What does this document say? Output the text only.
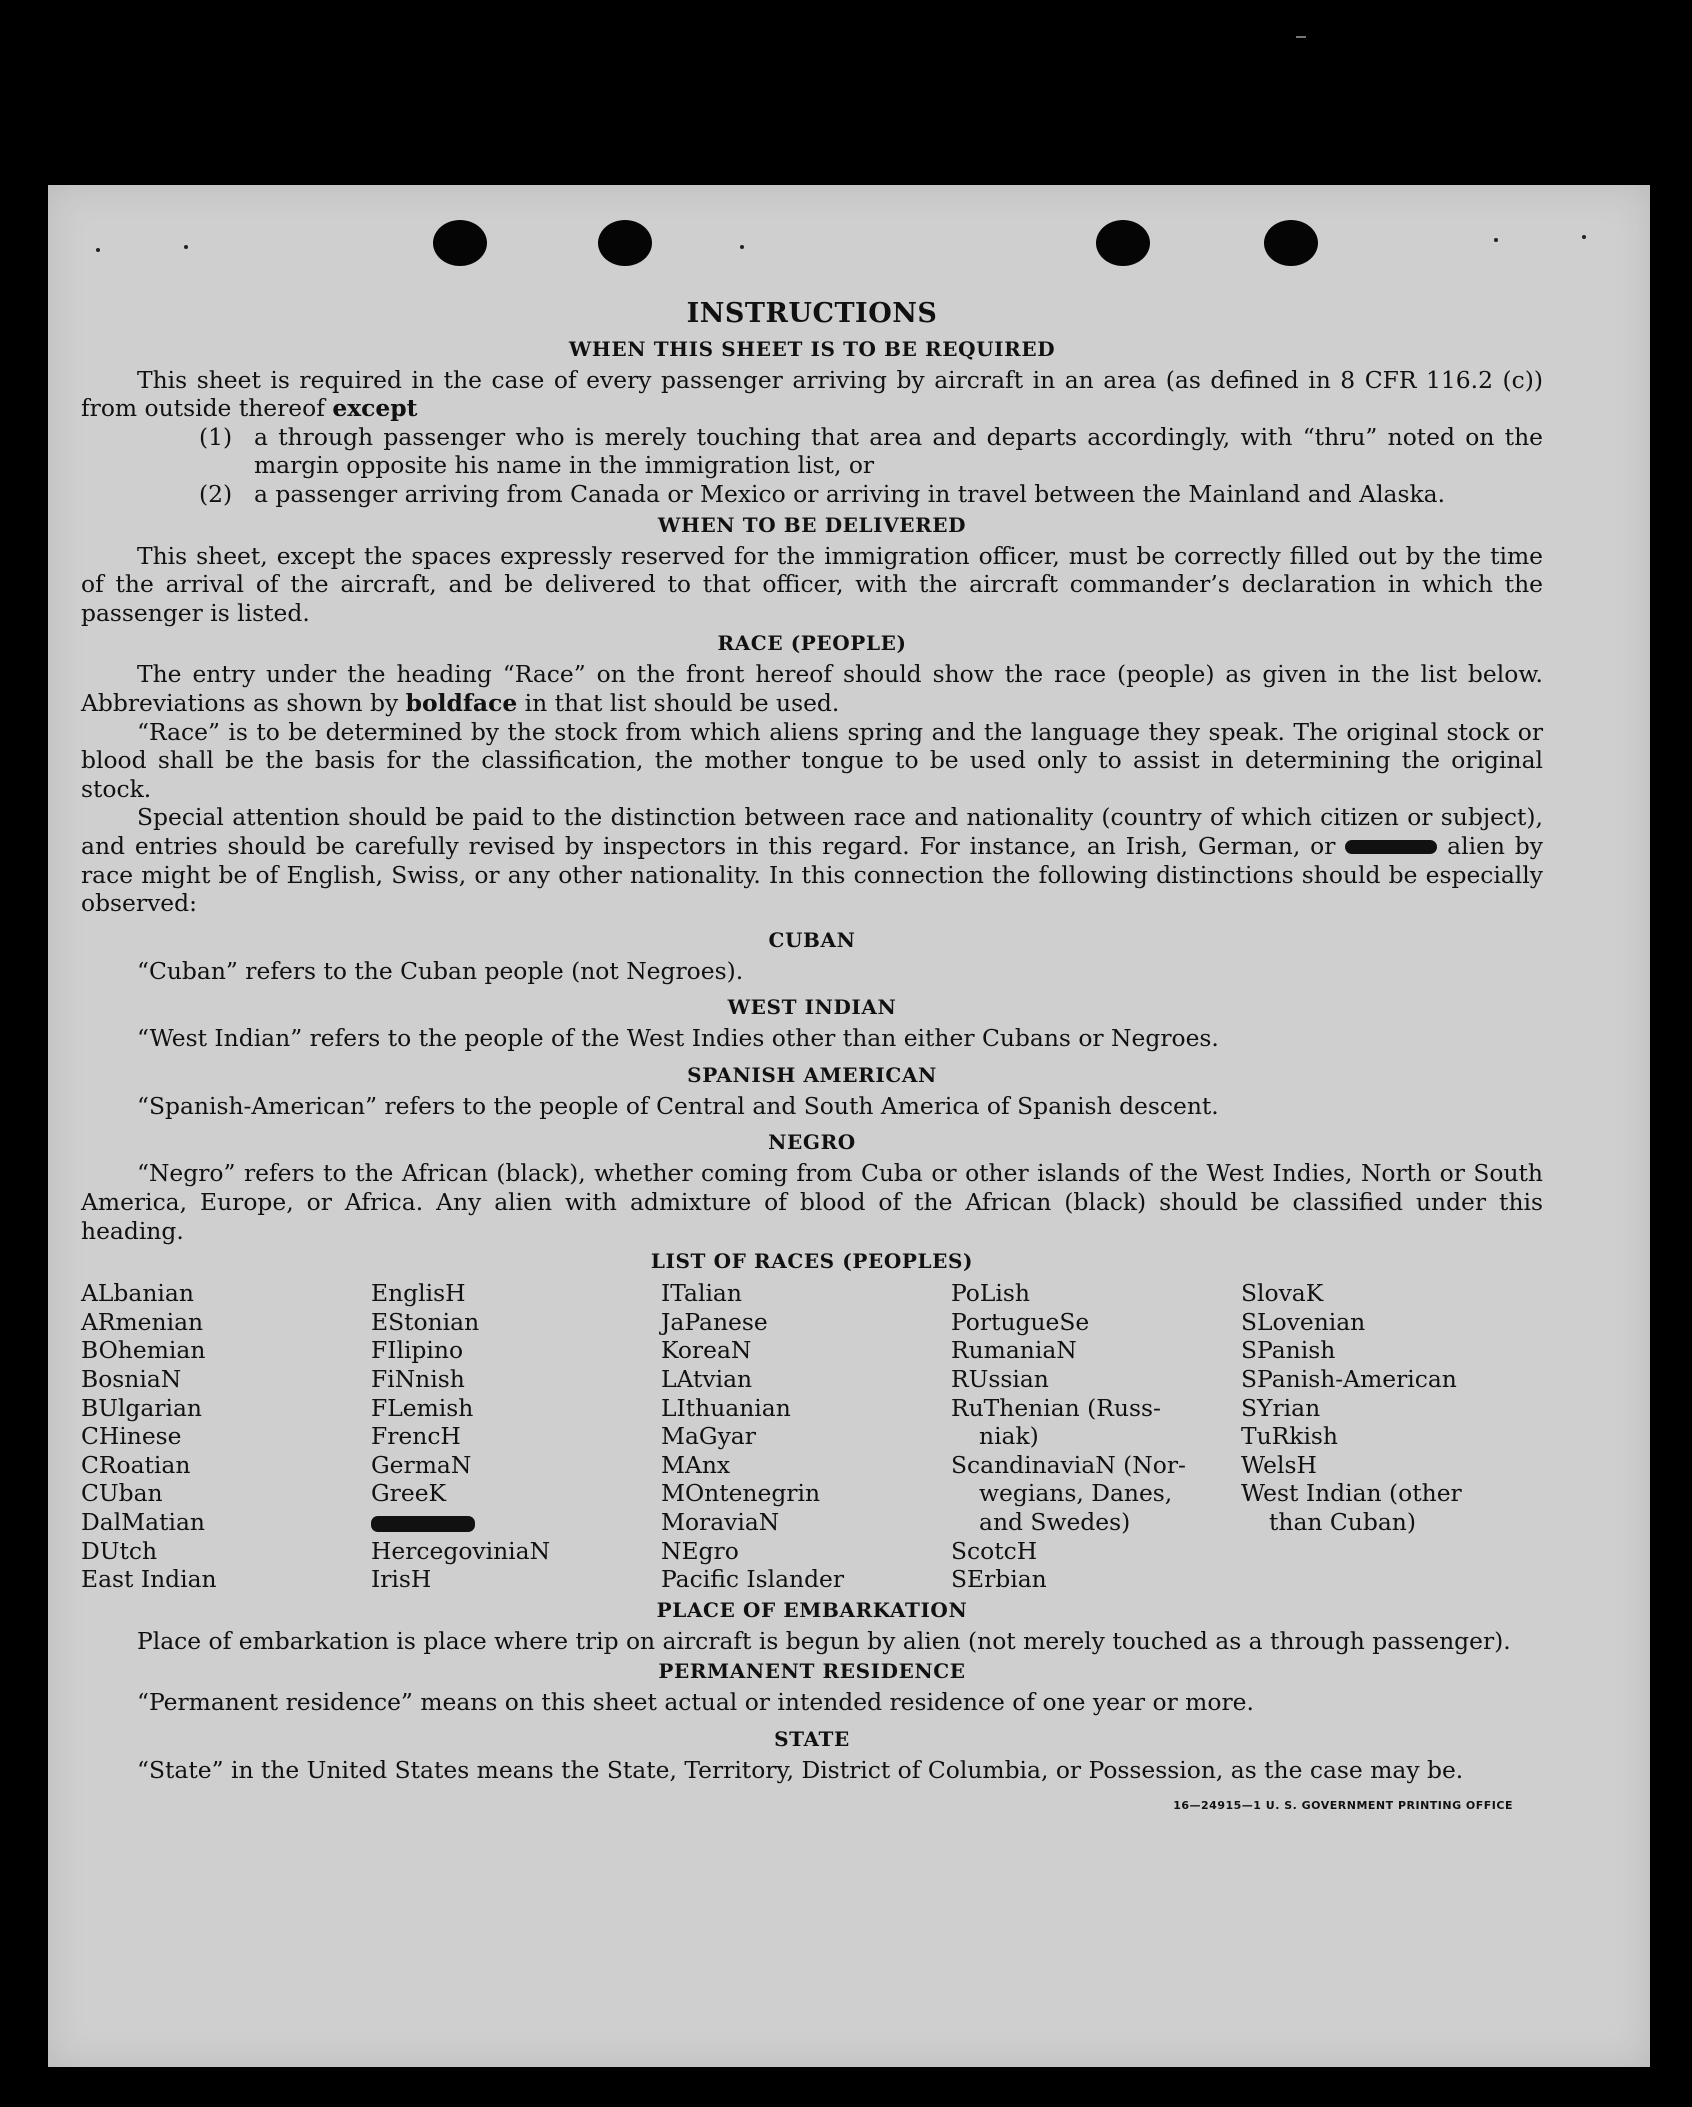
INSTRUCTIONS
WHEN THIS SHEET IS TO BE REQUIRED

This sheet is required in the case of every passenger arriving by aircraft in an area (as defined in 8 CFR 116.2 (c)) from outside thereof except

(1) a through passenger who is merely touching that area and departs accordingly, with “thru” noted on the margin opposite his name in the immigration list, or
(2) a passenger arriving from Canada or Mexico or arriving in travel between the Mainland and Alaska.
WHEN TO BE DELIVERED

This sheet, except the spaces expressly reserved for the immigration officer, must be correctly filled out by the time of the arrival of the aircraft, and be delivered to that officer, with the aircraft commander’s declaration in which the passenger is listed.

RACE (PEOPLE)

The entry under the heading “Race” on the front hereof should show the race (people) as given in the list below. Abbreviations as shown by boldface in that list should be used.

“Race” is to be determined by the stock from which aliens spring and the language they speak. The original stock or blood shall be the basis for the classification, the mother tongue to be used only to assist in determining the original stock.

Special attention should be paid to the distinction between race and nationality (country of which citizen or subject), and entries should be carefully revised by inspectors in this regard. For instance, an Irish, German, or	alien by race might be of English, Swiss, or any other nationality. In this connection the following distinctions should be especially observed:

CUBAN

“Cuban” refers to the Cuban people (not Negroes).

WEST INDIAN

“West Indian” refers to the people of the West Indies other than either Cubans or Negroes.

SPANISH AMERICAN

“Spanish-American” refers to the people of Central and South America of Spanish descent.

NEGRO

“Negro” refers to the African (black), whether coming from Cuba or other islands of the West Indies, North or South America, Europe, or Africa. Any alien with admixture of blood of the African (black) should be classified under this heading.

LIST OF RACES (PEOPLES)
ALbanian
ARmenian
BOhemian
BosniaN
BUlgarian
CHinese
CRoatian
CUban
DalMatian
DUtch
East Indian
EnglisH
EStonian
FIlipino
FiNnish
FLemish
FrencH
GermaN
GreeK
HercegoviniaN
IrisH
ITalian
JaPanese
KoreaN
LAtvian
LIthuanian
MaGyar
MAnx
MOntenegrin
MoraviaN
NEgro
Pacific Islander
PoLish
PortugueSe
RumaniaN
RUssian
RuThenian (Russ-
niak)
ScandinaviaN (Nor-
wegians, Danes,
and Swedes)
ScotcH
SErbian
SlovaK
SLovenian
SPanish
SPanish-American
SYrian
TuRkish
WelsH
West Indian (other
than Cuban)
PLACE OF EMBARKATION

Place of embarkation is place where trip on aircraft is begun by alien (not merely touched as a through passenger).

PERMANENT RESIDENCE

“Permanent residence” means on this sheet actual or intended residence of one year or more.

STATE

“State” in the United States means the State, Territory, District of Columbia, or Possession, as the case may be.

16—24915—1 U. S. GOVERNMENT PRINTING OFFICE
